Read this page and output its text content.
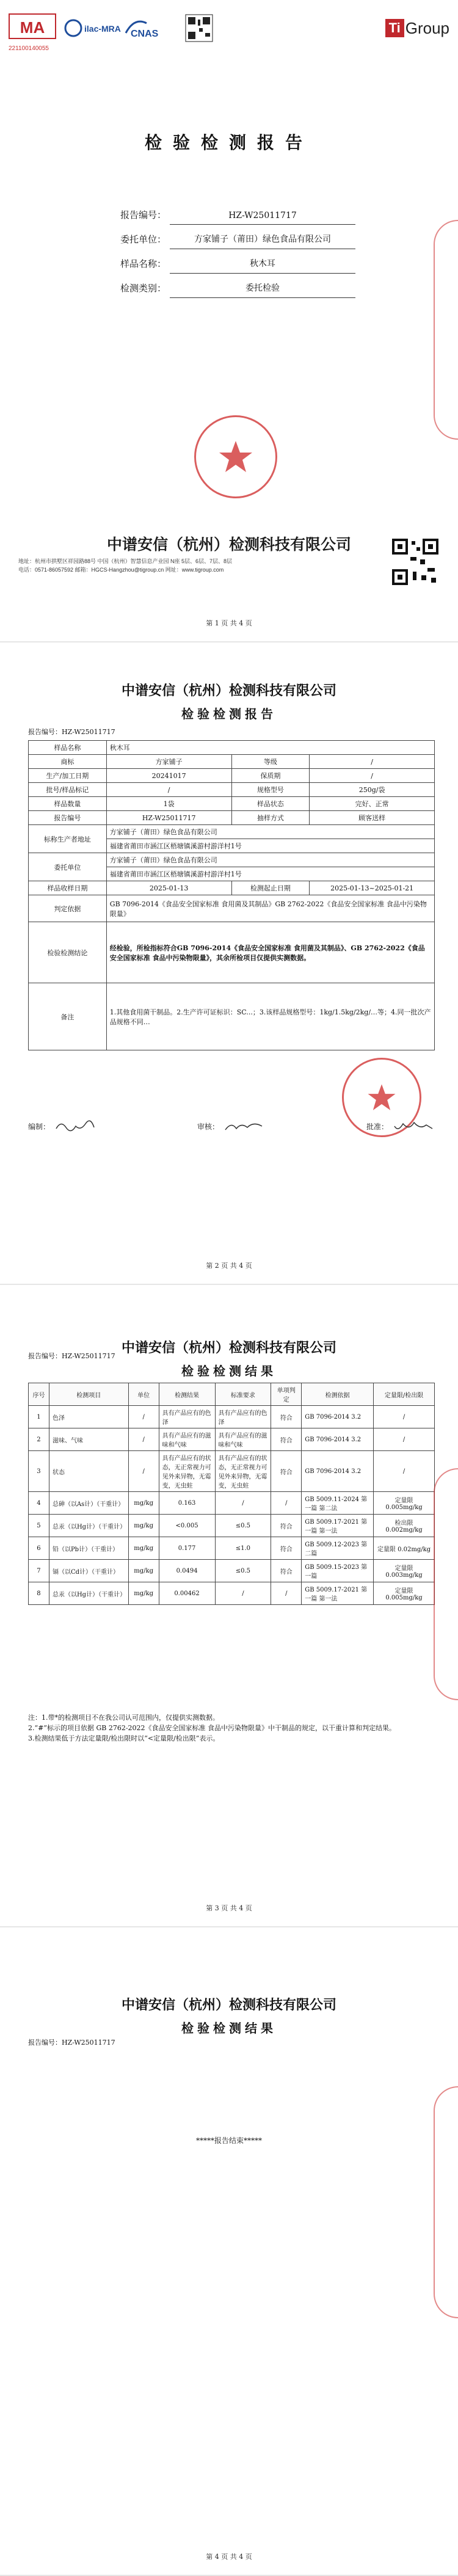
MA	ilac-MRA CNAS	Ti Group
221100140055
检验检测报告
报告编号：	HZ-W25011717
委托单位：	方家铺子（莆田）绿色食品有限公司
样品名称：	秋木耳
检测类别：	委托检验
中谱安信（杭州）检测科技有限公司
地址：杭州市拱墅区祥园路88号 中国（杭州）智慧信息产业园 N座 5层、6层、7层、8层
电话：0571-86057592 邮箱：HGCS-Hangzhou@tigroup.cn 网址：www.tigroup.com
第 1 页 共 4 页
中谱安信（杭州）检测科技有限公司
检验检测报告
报告编号：HZ-W25011717
样品名称	秋木耳		
商标	方家铺子	等级	/
生产/加工日期	20241017	保质期	/
批号/样品标记	/	规格型号	250g/袋
样品数量	1袋	样品状态	完好、正常
报告编号	HZ-W25011717	抽样方式	顾客送样
标称生产者地址	方家铺子（莆田）绿色食品有限公司		
	福建省莆田市涵江区梧塘镇溪游村游洋村1号		
委托单位	方家铺子（莆田）绿色食品有限公司		
	福建省莆田市涵江区梧塘镇溪游村游洋村1号		
样品收样日期	2025-01-13	检测起止日期	2025-01-13~2025-01-21
判定依据	GB 7096-2014《食品安全国家标准 食用菌及其制品》GB 2762-2022《食品安全国家标准 食品中污染物限量》		
检验检测结论	经检验，所检指标符合GB 7096-2014《食品安全国家标准 食用菌及其制品》、GB 2762-2022《食品安全国家标准 食品中污染物限量》，其余所检项目仅提供实测数据。		
备注	1.其他食用菌干制品。2.生产许可证标识：SC...；3.该样品规格型号：1kg/1.5kg/2kg/…等；4.同一批次产品规格不同…		
编制：	审核：	批准：
第 2 页 共 4 页
中谱安信（杭州）检测科技有限公司
检验检测结果
报告编号：HZ-W25011717
序号	检测项目	单位	检测结果	标准要求	单项判定	检测依据	定量限/检出限
1	色泽	/	具有产品应有的色泽	具有产品应有的色泽	符合	GB 7096-2014 3.2	/
2	滋味、气味	/	具有产品应有的滋味和气味	具有产品应有的滋味和气味	符合	GB 7096-2014 3.2	/
3	状态	/	具有产品应有的状态，无正常视力可见外来异物，无霉变，无虫蛀	具有产品应有的状态，无正常视力可见外来异物，无霉变，无虫蛀	符合	GB 7096-2014 3.2	/
4	总砷（以As计）（干重计）	mg/kg	0.163	/	/	GB 5009.11-2024 第一篇 第二法	定量限 0.005mg/kg
5	总汞（以Hg计）（干重计）	mg/kg	<0.005	≤0.5	符合	GB 5009.17-2021 第一篇 第一法	检出限 0.002mg/kg
6	铅（以Pb计）（干重计）	mg/kg	0.177	≤1.0	符合	GB 5009.12-2023 第二篇	定量限 0.02mg/kg
7	镉（以Cd计）（干重计）	mg/kg	0.0494	≤0.5	符合	GB 5009.15-2023 第一篇	定量限 0.003mg/kg
8	总汞（以Hg计）（干重计）	mg/kg	0.00462	/	/	GB 5009.17-2021 第一篇 第一法	定量限 0.005mg/kg
注：1.带*的检测项目不在我公司认可范围内，仅提供实测数据。
2.“#”标示的项目依据 GB 2762-2022《食品安全国家标准 食品中污染物限量》中干制品的规定，以干重计算和判定结果。
3.检测结果低于方法定量限/检出限时以“<定量限/检出限”表示。
第 3 页 共 4 页
中谱安信（杭州）检测科技有限公司
检验检测结果
报告编号：HZ-W25011717
*****报告结束*****
第 4 页 共 4 页
